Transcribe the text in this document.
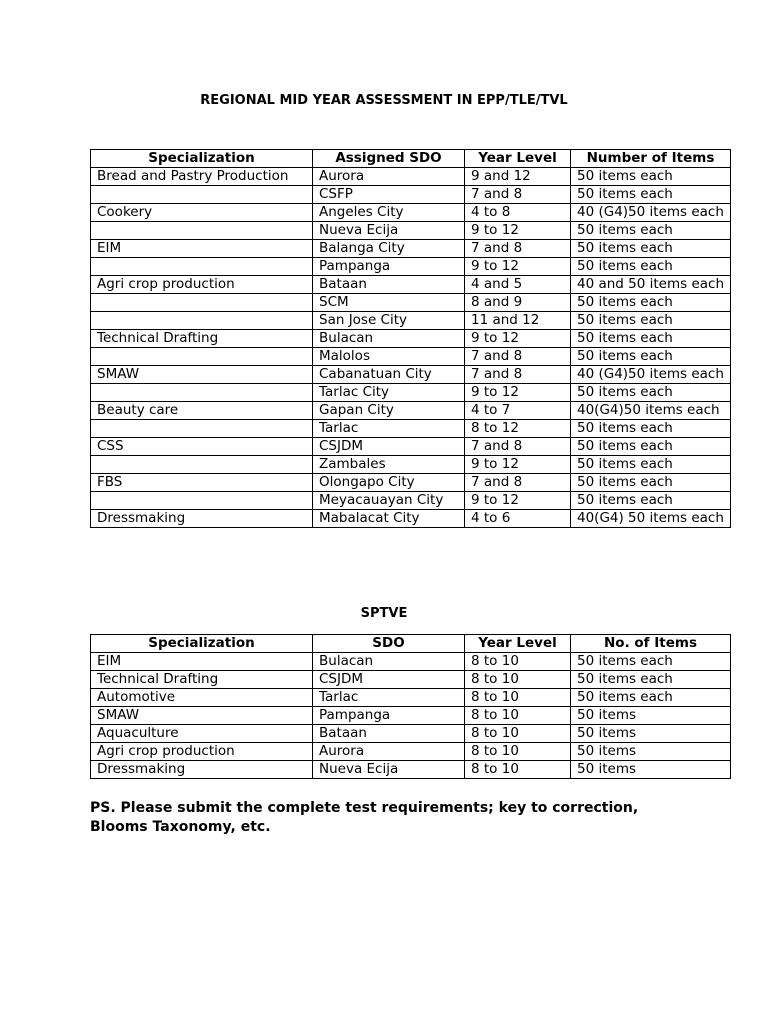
REGIONAL MID YEAR ASSESSMENT IN EPP/TLE/TVL
Specialization	Assigned SDO	Year Level	Number of Items
Bread and Pastry Production	Aurora	9 and 12	50 items each
	CSFP	7 and 8	50 items each
Cookery	Angeles City	4 to 8	40 (G4)50 items each
	Nueva Ecija	9 to 12	50 items each
EIM	Balanga City	7 and 8	50 items each
	Pampanga	9 to 12	50 items each
Agri crop production	Bataan	4 and 5	40 and 50 items each
	SCM	8 and 9	50 items each
	San Jose City	11 and 12	50 items each
Technical Drafting	Bulacan	9 to 12	50 items each
	Malolos	7 and 8	50 items each
SMAW	Cabanatuan City	7 and 8	40 (G4)50 items each
	Tarlac City	9 to 12	50 items each
Beauty care	Gapan City	4 to 7	40(G4)50 items each
	Tarlac	8 to 12	50 items each
CSS	CSJDM	7 and 8	50 items each
	Zambales	9 to 12	50 items each
FBS	Olongapo City	7 and 8	50 items each
	Meyacauayan City	9 to 12	50 items each
Dressmaking	Mabalacat City	4 to 6	40(G4) 50 items each
SPTVE
Specialization	SDO	Year Level	No. of Items
EIM	Bulacan	8 to 10	50 items each
Technical Drafting	CSJDM	8 to 10	50 items each
Automotive	Tarlac	8 to 10	50 items each
SMAW	Pampanga	8 to 10	50 items
Aquaculture	Bataan	8 to 10	50 items
Agri crop production	Aurora	8 to 10	50 items
Dressmaking	Nueva Ecija	8 to 10	50 items
PS. Please submit the complete test requirements; key to correction, Blooms Taxonomy, etc.
